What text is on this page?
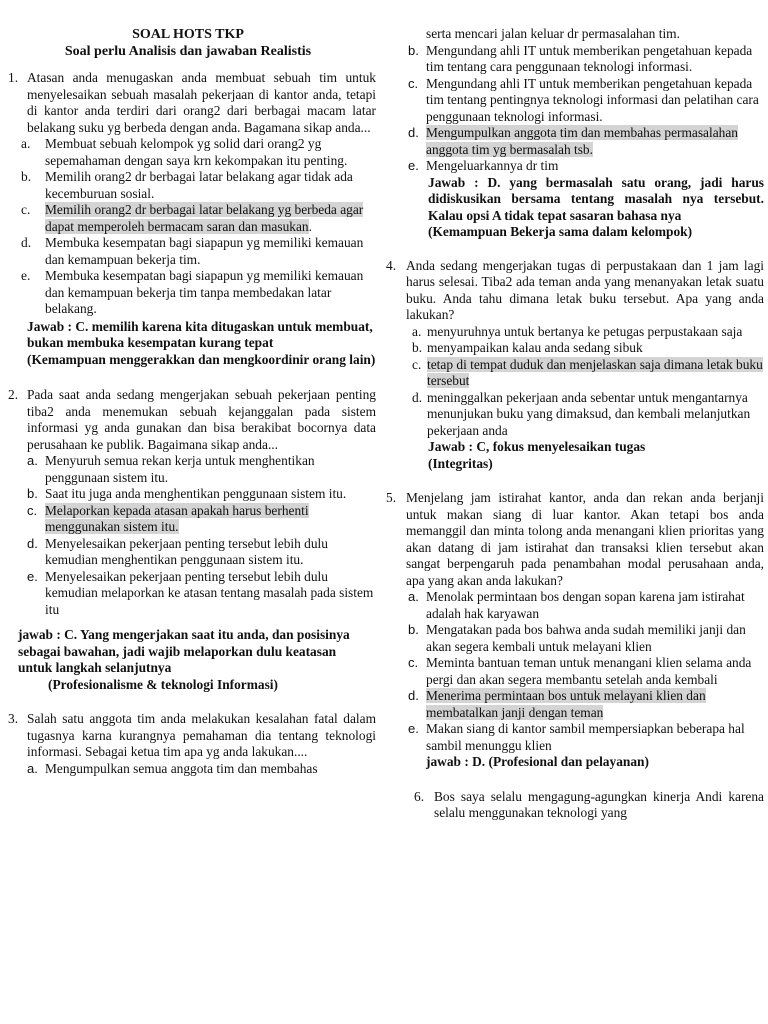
SOAL HOTS TKP
Soal perlu Analisis dan jawaban Realistis
1. Atasan anda menugaskan anda membuat sebuah tim untuk menyelesaikan sebuah masalah pekerjaan di kantor anda, tetapi di kantor anda terdiri dari orang2 dari berbagai macam latar belakang suku yg berbeda dengan anda. Bagamana sikap anda...
a.	Membuat sebuah kelompok yg solid dari orang2 yg sepemahaman dengan saya krn kekompakan itu penting.
b.	Memilih orang2 dr berbagai latar belakang agar tidak ada kecemburuan sosial.
c.	Memilih orang2 dr berbagai latar belakang yg berbeda agar dapat memperoleh bermacam saran dan masukan.
d.	Membuka kesempatan bagi siapapun yg memiliki kemauan dan kemampuan bekerja tim.
e.	Membuka kesempatan bagi siapapun yg memiliki kemauan dan kemampuan bekerja tim tanpa membedakan latar belakang.
Jawab : C. memilih karena kita ditugaskan untuk membuat, bukan membuka kesempatan kurang tepat
(Kemampuan menggerakkan dan mengkoordinir orang lain)
2. Pada saat anda sedang mengerjakan sebuah pekerjaan penting tiba2 anda menemukan sebuah kejanggalan pada sistem informasi yg anda gunakan dan bisa berakibat bocornya data perusahaan ke publik. Bagaimana sikap anda...
a. Menyuruh semua rekan kerja untuk menghentikan penggunaan sistem itu.
b. Saat itu juga anda menghentikan penggunaan sistem itu.
c. Melaporkan kepada atasan apakah harus berhenti menggunakan sistem itu.
d. Menyelesaikan pekerjaan penting tersebut lebih dulu kemudian menghentikan penggunaan sistem itu.
e. Menyelesaikan pekerjaan penting tersebut lebih dulu kemudian melaporkan ke atasan tentang masalah pada sistem itu
jawab : C. Yang mengerjakan saat itu anda, dan posisinya sebagai bawahan, jadi wajib melaporkan dulu keatasan untuk langkah selanjutnya
(Profesionalisme & teknologi Informasi)
3. Salah satu anggota tim anda melakukan kesalahan fatal dalam tugasnya karna kurangnya pemahaman dia tentang teknologi informasi. Sebagai ketua tim apa yg anda lakukan....
a. Mengumpulkan semua anggota tim dan membahas
serta mencari jalan keluar dr permasalahan tim.
b. Mengundang ahli IT untuk memberikan pengetahuan kepada tim tentang cara penggunaan teknologi informasi.
c. Mengundang ahli IT untuk memberikan pengetahuan kepada tim tentang pentingnya teknologi informasi dan pelatihan cara penggunaan teknologi informasi.
d. Mengumpulkan anggota tim dan membahas permasalahan anggota tim yg bermasalah tsb.
e. Mengeluarkannya dr tim
Jawab : D. yang bermasalah satu orang, jadi harus didiskusikan bersama tentang masalah nya tersebut. Kalau opsi A tidak tepat sasaran bahasa nya
(Kemampuan Bekerja sama dalam kelompok)
4. Anda sedang mengerjakan tugas di perpustakaan dan 1 jam lagi harus selesai. Tiba2 ada teman anda yang menanyakan letak suatu buku. Anda tahu dimana letak buku tersebut. Apa yang anda lakukan?
a. menyuruhnya untuk bertanya ke petugas perpustakaan saja
b. menyampaikan kalau anda sedang sibuk
c. tetap di tempat duduk dan menjelaskan saja dimana letak buku tersebut
d. meninggalkan pekerjaan anda sebentar untuk mengantarnya menunjukan buku yang dimaksud, dan kembali melanjutkan pekerjaan anda
Jawab : C, fokus menyelesaikan tugas
(Integritas)
5. Menjelang jam istirahat kantor, anda dan rekan anda berjanji untuk makan siang di luar kantor. Akan tetapi bos anda memanggil dan minta tolong anda menangani klien prioritas yang akan datang di jam istirahat dan transaksi klien tersebut akan sangat berpengaruh pada penambahan modal perusahaan anda, apa yang akan anda lakukan?
a. Menolak permintaan bos dengan sopan karena jam istirahat adalah hak karyawan
b. Mengatakan pada bos bahwa anda sudah memiliki janji dan akan segera kembali untuk melayani klien
c. Meminta bantuan teman untuk menangani klien selama anda pergi dan akan segera membantu setelah anda kembali
d. Menerima permintaan bos untuk melayani klien dan membatalkan janji dengan teman
e. Makan siang di kantor sambil mempersiapkan beberapa hal sambil menunggu klien
jawab : D. (Profesional dan pelayanan)
6. Bos saya selalu mengagung-agungkan kinerja Andi karena selalu menggunakan teknologi yang
